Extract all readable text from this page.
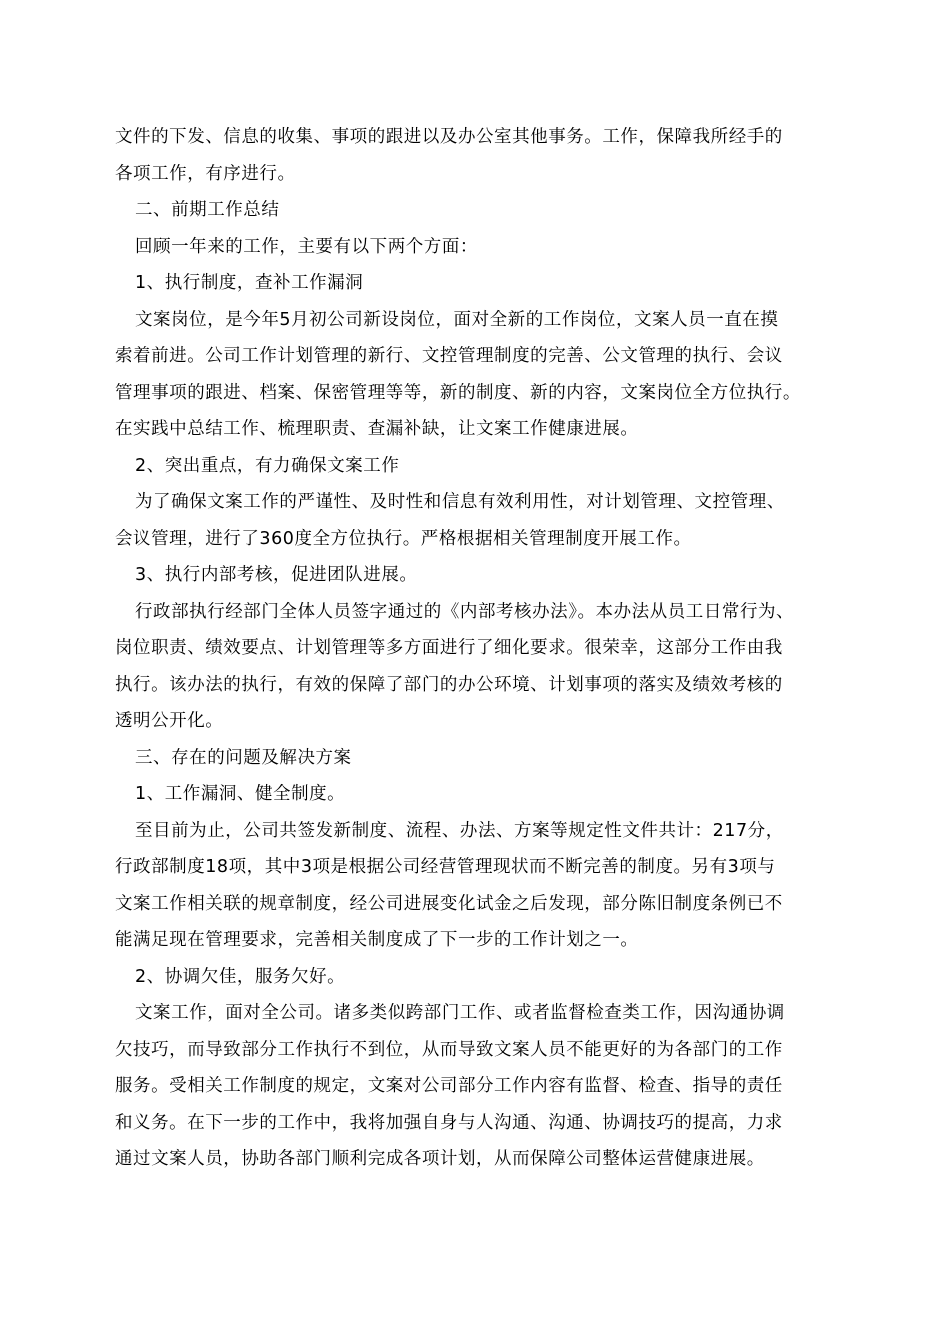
文件的下发、信息的收集、事项的跟进以及办公室其他事务。工作，保障我所经手的

各项工作，有序进行。

二、前期工作总结

回顾一年来的工作，主要有以下两个方面：

1、执行制度，查补工作漏洞

文案岗位，是今年5月初公司新设岗位，面对全新的工作岗位，文案人员一直在摸

索着前进。公司工作计划管理的新行、文控管理制度的完善、公文管理的执行、会议

管理事项的跟进、档案、保密管理等等，新的制度、新的内容，文案岗位全方位执行。

在实践中总结工作、梳理职责、查漏补缺，让文案工作健康进展。

2、突出重点，有力确保文案工作

为了确保文案工作的严谨性、及时性和信息有效利用性，对计划管理、文控管理、

会议管理，进行了360度全方位执行。严格根据相关管理制度开展工作。

3、执行内部考核，促进团队进展。

行政部执行经部门全体人员签字通过的《内部考核办法》。本办法从员工日常行为、

岗位职责、绩效要点、计划管理等多方面进行了细化要求。很荣幸，这部分工作由我

执行。该办法的执行，有效的保障了部门的办公环境、计划事项的落实及绩效考核的

透明公开化。

三、存在的问题及解决方案

1、工作漏洞、健全制度。

至目前为止，公司共签发新制度、流程、办法、方案等规定性文件共计：217分，

行政部制度18项，其中3项是根据公司经营管理现状而不断完善的制度。另有3项与

文案工作相关联的规章制度，经公司进展变化试金之后发现，部分陈旧制度条例已不

能满足现在管理要求，完善相关制度成了下一步的工作计划之一。

2、协调欠佳，服务欠好。

文案工作，面对全公司。诸多类似跨部门工作、或者监督检查类工作，因沟通协调

欠技巧，而导致部分工作执行不到位，从而导致文案人员不能更好的为各部门的工作

服务。受相关工作制度的规定，文案对公司部分工作内容有监督、检查、指导的责任

和义务。在下一步的工作中，我将加强自身与人沟通、沟通、协调技巧的提高，力求

通过文案人员，协助各部门顺利完成各项计划，从而保障公司整体运营健康进展。
